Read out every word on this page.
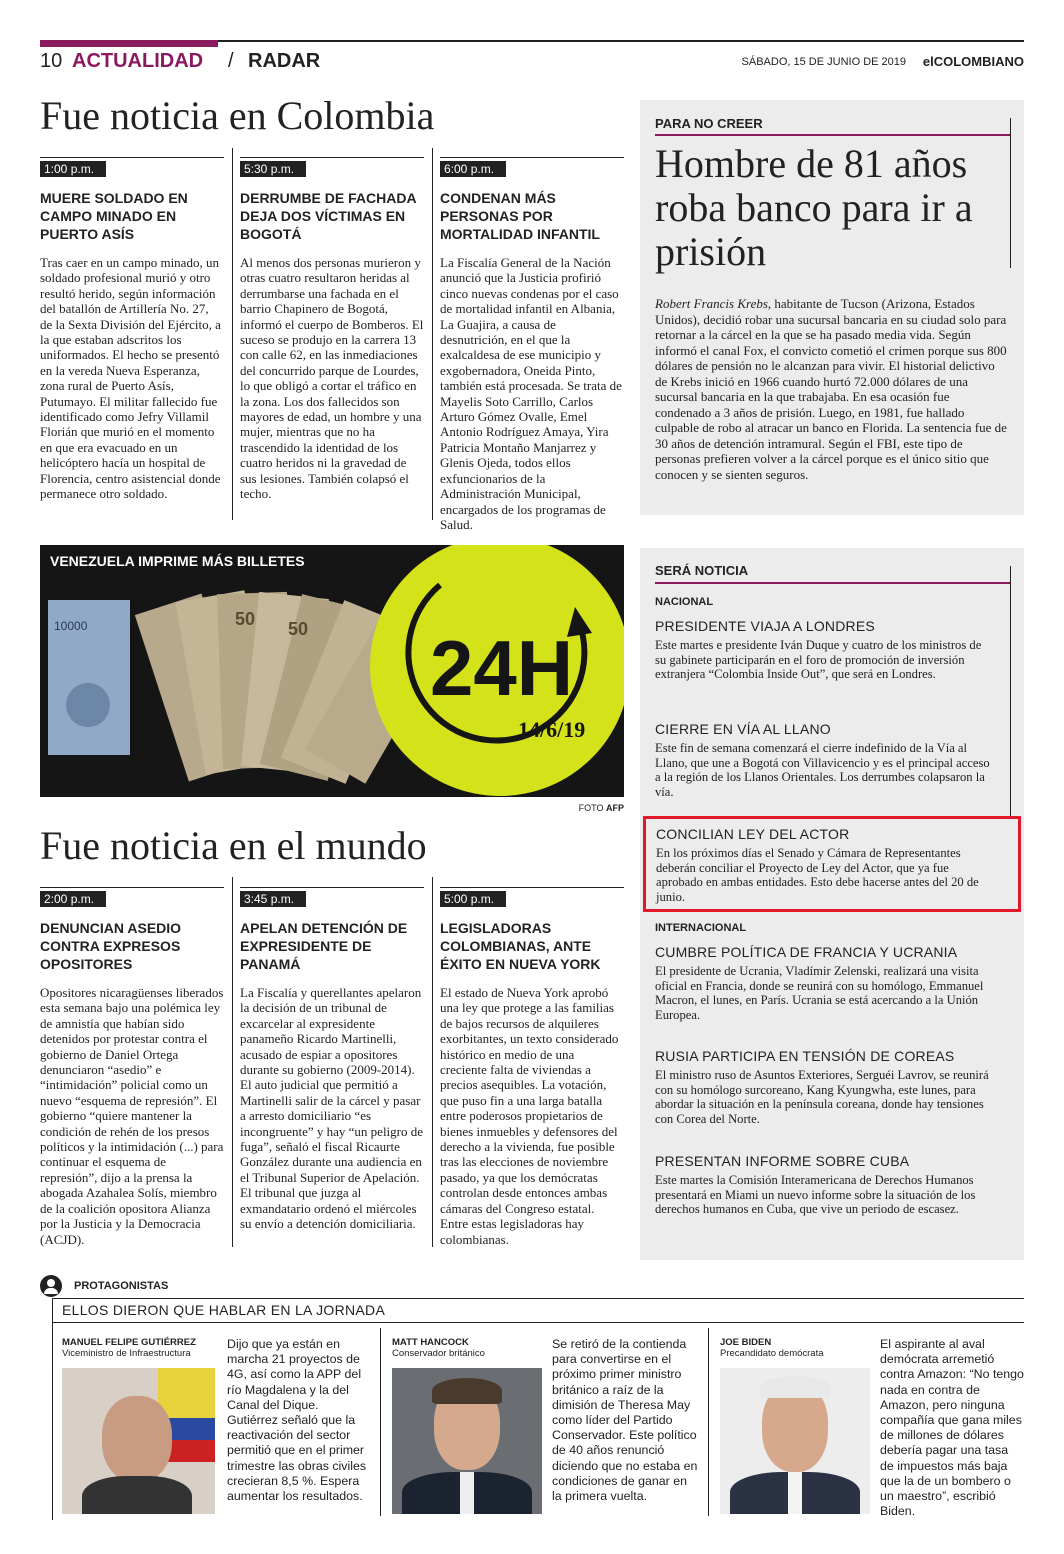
10 ACTUALIDAD / RADAR	SÁBADO, 15 DE JUNIO DE 2019 elCOLOMBIANO
Fue noticia en Colombia
1:00 p.m.
MUERE SOLDADO EN CAMPO MINADO EN PUERTO ASÍS
Tras caer en un campo minado, un soldado profesional murió y otro resultó herido, según información del batallón de Artillería No. 27, de la Sexta División del Ejército, a la que estaban adscritos los uniformados. El hecho se presentó en la vereda Nueva Esperanza, zona rural de Puerto Asís, Putumayo. El militar fallecido fue identificado como Jefry Villamil Florián que murió en el momento en que era evacuado en un helicóptero hacía un hospital de Florencia, centro asistencial donde permanece otro soldado.
5:30 p.m.
DERRUMBE DE FACHADA DEJA DOS VÍCTIMAS EN BOGOTÁ
Al menos dos personas murieron y otras cuatro resultaron heridas al derrumbarse una fachada en el barrio Chapinero de Bogotá, informó el cuerpo de Bomberos. El suceso se produjo en la carrera 13 con calle 62, en las inmediaciones del concurrido parque de Lourdes, lo que obligó a cortar el tráfico en la zona. Los dos fallecidos son mayores de edad, un hombre y una mujer, mientras que no ha trascendido la identidad de los cuatro heridos ni la gravedad de sus lesiones. También colapsó el techo.
6:00 p.m.
CONDENAN MÁS PERSONAS POR MORTALIDAD INFANTIL
La Fiscalía General de la Nación anunció que la Justicia profirió cinco nuevas condenas por el caso de mortalidad infantil en Albania, La Guajira, a causa de desnutrición, en el que la exalcaldesa de ese municipio y exgobernadora, Oneida Pinto, también está procesada. Se trata de Mayelis Soto Carrillo, Carlos Arturo Gómez Ovalle, Emel Antonio Rodríguez Amaya, Yira Patricia Montaño Manjarrez y Glenis Ojeda, todos ellos exfuncionarios de la Administración Municipal, encargados de los programas de Salud.
PARA NO CREER
Hombre de 81 años roba banco para ir a prisión
Robert Francis Krebs, habitante de Tucson (Arizona, Estados Unidos), decidió robar una sucursal bancaria en su ciudad solo para retornar a la cárcel en la que se ha pasado media vida. Según informó el canal Fox, el convicto cometió el crimen porque sus 800 dólares de pensión no le alcanzan para vivir. El historial delictivo de Krebs inició en 1966 cuando hurtó 72.000 dólares de una sucursal bancaria en la que trabajaba. En esa ocasión fue condenado a 3 años de prisión. Luego, en 1981, fue hallado culpable de robo al atracar un banco en Florida. La sentencia fue de 30 años de detención intramural. Según el FBI, este tipo de personas prefieren volver a la cárcel porque es el único sitio que conocen y se sienten seguros.
VENEZUELA IMPRIME MÁS BILLETES
10000	50 50 24H
14/6/19
FOTO AFP
Fue noticia en el mundo
2:00 p.m.
DENUNCIAN ASEDIO CONTRA EXPRESOS OPOSITORES
Opositores nicaragüenses liberados esta semana bajo una polémica ley de amnistía que habían sido detenidos por protestar contra el gobierno de Daniel Ortega denunciaron “asedio” e “intimidación” policial como un nuevo “esquema de represión”. El gobierno “quiere mantener la condición de rehén de los presos políticos y la intimidación (...) para continuar el esquema de represión”, dijo a la prensa la abogada Azahalea Solís, miembro de la coalición opositora Alianza por la Justicia y la Democracia (ACJD).
3:45 p.m.
APELAN DETENCIÓN DE EXPRESIDENTE DE PANAMÁ
La Fiscalía y querellantes apelaron la decisión de un tribunal de excarcelar al expresidente panameño Ricardo Martinelli, acusado de espiar a opositores durante su gobierno (2009-2014). El auto judicial que permitió a Martinelli salir de la cárcel y pasar a arresto domiciliario “es incongruente” y hay “un peligro de fuga”, señaló el fiscal Ricaurte González durante una audiencia en el Tribunal Superior de Apelación. El tribunal que juzga al exmandatario ordenó el miércoles su envío a detención domiciliaria.
5:00 p.m.
LEGISLADORAS COLOMBIANAS, ANTE ÉXITO EN NUEVA YORK
El estado de Nueva York aprobó una ley que protege a las familias de bajos recursos de alquileres exorbitantes, un texto considerado histórico en medio de una creciente falta de viviendas a precios asequibles. La votación, que puso fin a una larga batalla entre poderosos propietarios de bienes inmuebles y defensores del derecho a la vivienda, fue posible tras las elecciones de noviembre pasado, ya que los demócratas controlan desde entonces ambas cámaras del Congreso estatal. Entre estas legisladoras hay colombianas.
SERÁ NOTICIA
NACIONAL
PRESIDENTE VIAJA A LONDRES
Este martes e presidente Iván Duque y cuatro de los ministros de su gabinete participarán en el foro de promoción de inversión extranjera “Colombia Inside Out”, que será en Londres.
CIERRE EN VÍA AL LLANO
Este fin de semana comenzará el cierre indefinido de la Vía al Llano, que une a Bogotá con Villavicencio y es el principal acceso a la región de los Llanos Orientales. Los derrumbes colapsaron la vía.
CONCILIAN LEY DEL ACTOR
En los próximos días el Senado y Cámara de Representantes deberán conciliar el Proyecto de Ley del Actor, que ya fue aprobado en ambas entidades. Esto debe hacerse antes del 20 de junio.
INTERNACIONAL
CUMBRE POLÍTICA DE FRANCIA Y UCRANIA
El presidente de Ucrania, Vladímir Zelenski, realizará una visita oficial en Francia, donde se reunirá con su homólogo, Emmanuel Macron, el lunes, en París. Ucrania se está acercando a la Unión Europea.
RUSIA PARTICIPA EN TENSIÓN DE COREAS
El ministro ruso de Asuntos Exteriores, Serguéi Lavrov, se reunirá con su homólogo surcoreano, Kang Kyungwha, este lunes, para abordar la situación en la península coreana, donde hay tensiones con Corea del Norte.
PRESENTAN INFORME SOBRE CUBA
Este martes la Comisión Interamericana de Derechos Humanos presentará en Miami un nuevo informe sobre la situación de los derechos humanos en Cuba, que vive un periodo de escasez.
PROTAGONISTAS
ELLOS DIERON QUE HABLAR EN LA JORNADA
MANUEL FELIPE GUTIÉRREZ
Viceministro de Infraestructura
Dijo que ya están en marcha 21 proyectos de 4G, así como la APP del río Magdalena y la del Canal del Dique. Gutiérrez señaló que la reactivación del sector permitió que en el primer trimestre las obras civiles crecieran 8,5 %. Espera aumentar los resultados.
MATT HANCOCK
Conservador británico
Se retiró de la contienda para convertirse en el próximo primer ministro británico a raíz de la dimisión de Theresa May como líder del Partido Conservador. Este político de 40 años renunció diciendo que no estaba en condiciones de ganar en la primera vuelta.
JOE BIDEN
Precandidato demócrata
El aspirante al aval demócrata arremetió contra Amazon: “No tengo nada en contra de Amazon, pero ninguna compañía que gana miles de millones de dólares debería pagar una tasa de impuestos más baja que la de un bombero o un maestro”, escribió Biden.
